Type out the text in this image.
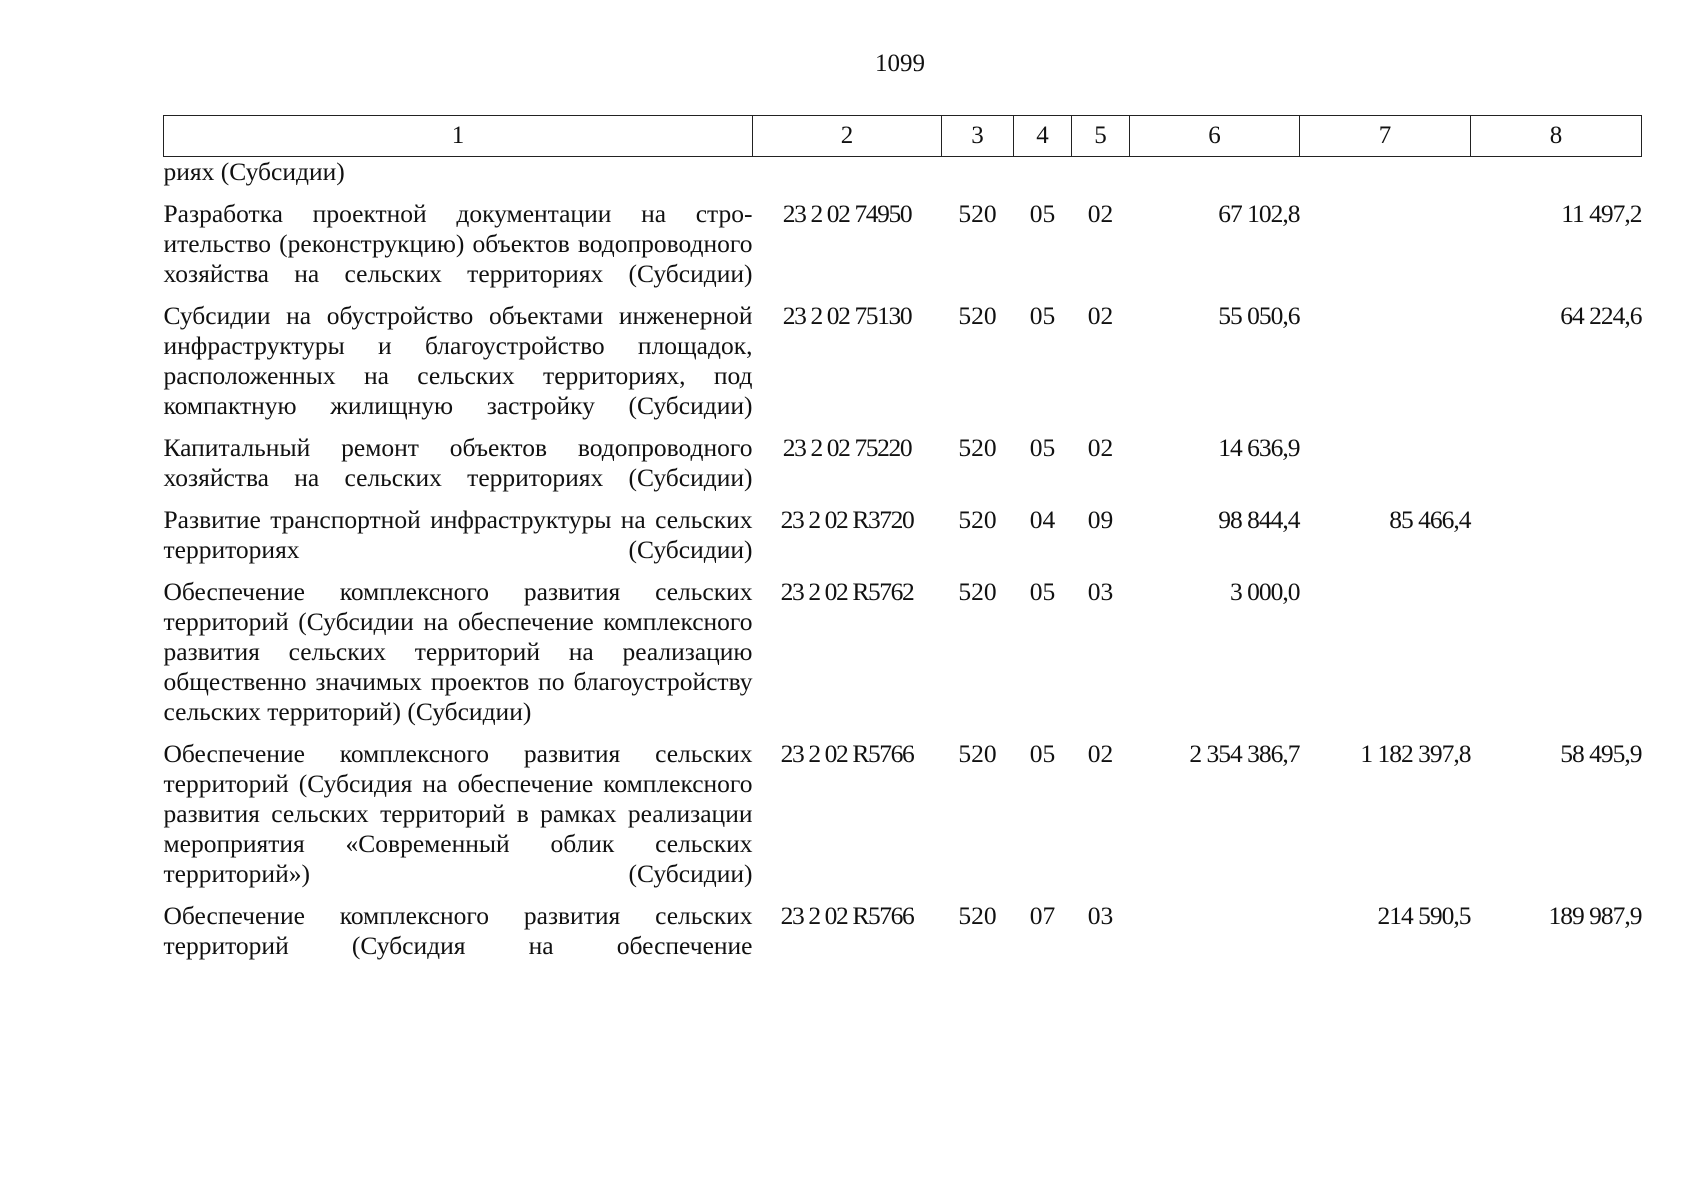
1099
1	2	3	4	5	6	7	8
риях (Субсидии)							
Разработка проектной документации на строительство (реконструкцию) объектов водопроводного хозяйства на сельских территориях (Субсидии)	23 2 02 74950	520	05	02	67 102,8		11 497,2
Субсидии на обустройство объектами инженерной инфраструктуры и благоустройство площадок, расположенных на сельских территориях, под компактную жилищную застройку (Субсидии)	23 2 02 75130	520	05	02	55 050,6		64 224,6
Капитальный ремонт объектов водопроводного хозяйства на сельских территориях (Субсидии)	23 2 02 75220	520	05	02	14 636,9		
Развитие транспортной инфраструктуры на сельских территориях (Субсидии)	23 2 02 R3720	520	04	09	98 844,4	85 466,4	
Обеспечение комплексного развития сельских территорий (Субсидии на обеспечение комплексного развития сельских территорий на реализацию общественно значимых проектов по благоустройству сельских территорий) (Субсидии)	23 2 02 R5762	520	05	03	3 000,0		
Обеспечение комплексного развития сельских территорий (Субсидия на обеспечение комплексного развития сельских территорий в рамках реализации мероприятия «Современный облик сельских территорий») (Субсидии)	23 2 02 R5766	520	05	02	2 354 386,7	1 182 397,8	58 495,9
Обеспечение комплексного развития сельских территорий (Субсидия на обеспечение	23 2 02 R5766	520	07	03		214 590,5	189 987,9
